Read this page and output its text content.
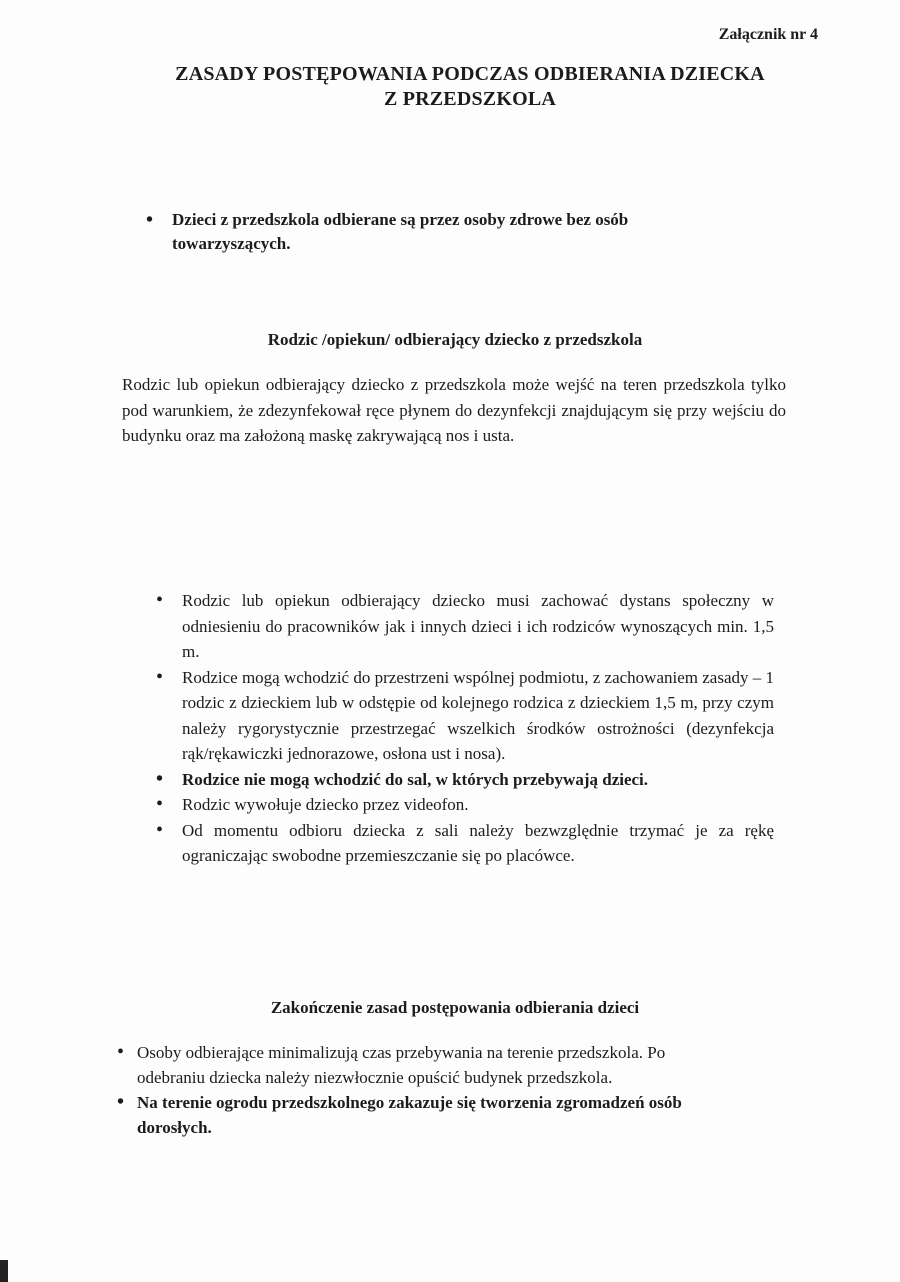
Załącznik nr 4
ZASADY POSTĘPOWANIA PODCZAS ODBIERANIA DZIECKA
Z PRZEDSZKOLA
• Dzieci z przedszkola odbierane są przez osoby zdrowe bez osób towarzyszących.
Rodzic /opiekun/ odbierający dziecko z przedszkola
Rodzic lub opiekun odbierający dziecko z przedszkola może wejść na teren przedszkola tylko pod warunkiem, że zdezynfekował ręce płynem do dezynfekcji znajdującym się przy wejściu do budynku oraz ma założoną maskę zakrywającą nos i usta.
• Rodzic lub opiekun odbierający dziecko musi zachować dystans społeczny w odniesieniu do pracowników jak i innych dzieci i ich rodziców wynoszących min. 1,5 m.
• Rodzice mogą wchodzić do przestrzeni wspólnej podmiotu, z zachowaniem zasady – 1 rodzic z dzieckiem lub w odstępie od kolejnego rodzica z dzieckiem 1,5 m, przy czym należy rygorystycznie przestrzegać wszelkich środków ostrożności (dezynfekcja rąk/rękawiczki jednorazowe, osłona ust i nosa).
• Rodzice nie mogą wchodzić do sal, w których przebywają dzieci.
• Rodzic wywołuje dziecko przez videofon.
• Od momentu odbioru dziecka z sali należy bezwzględnie trzymać je za rękę ograniczając swobodne przemieszczanie się po placówce.
Zakończenie zasad postępowania odbierania dzieci
• Osoby odbierające minimalizują czas przebywania na terenie przedszkola. Po odebraniu dziecka należy niezwłocznie opuścić budynek przedszkola.
• Na terenie ogrodu przedszkolnego zakazuje się tworzenia zgromadzeń osób dorosłych.
